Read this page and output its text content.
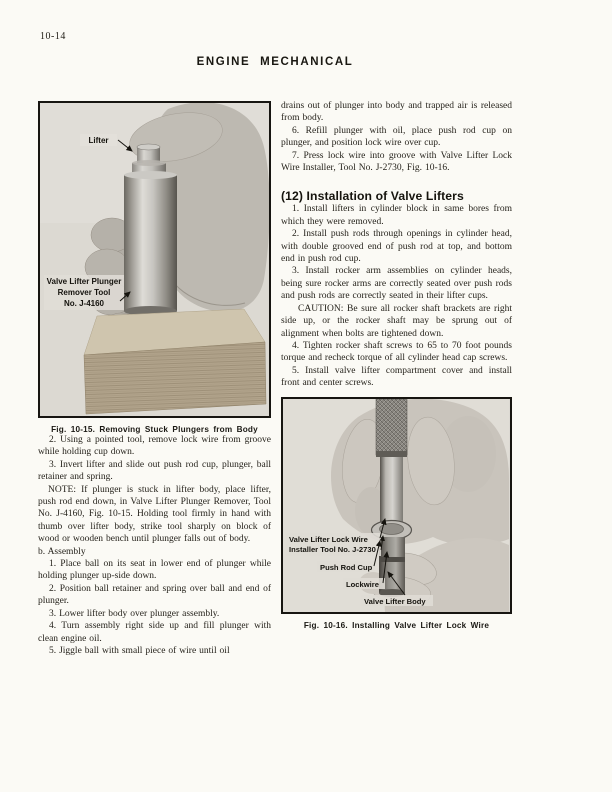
10-14
ENGINE MECHANICAL
Lifter
Valve Lifter Plunger
Remover Tool
No. J-4160
Fig. 10-15. Removing Stuck Plungers from Body

2. Using a pointed tool, remove lock wire from groove while holding cup down.

3. Invert lifter and slide out push rod cup, plunger, ball retainer and spring.

NOTE: If plunger is stuck in lifter body, place lifter, push rod end down, in Valve Lifter Plunger Remover, Tool No. J-4160, Fig. 10-15. Holding tool firmly in hand with thumb over lifter body, strike tool sharply on block of wood or wooden bench until plunger falls out of body.

b. Assembly

1. Place ball on its seat in lower end of plunger while holding plunger up-side down.

2. Position ball retainer and spring over ball and end of plunger.

3. Lower lifter body over plunger assembly.

4. Turn assembly right side up and fill plunger with clean engine oil.

5. Jiggle ball with small piece of wire until oil

drains out of plunger into body and trapped air is released from body.

6. Refill plunger with oil, place push rod cup on plunger, and position lock wire over cup.

7. Press lock wire into groove with Valve Lifter Lock Wire Installer, Tool No. J-2730, Fig. 10-16.

(12) Installation of Valve Lifters

1. Install lifters in cylinder block in same bores from which they were removed.

2. Install push rods through openings in cylinder head, with double grooved end of push rod at top, and bottom end in push rod cup.

3. Install rocker arm assemblies on cylinder heads, being sure rocker arms are correctly seated over push rods and push rods are correctly seated in their lifter cups.

CAUTION: Be sure all rocker shaft brackets are right side up, or the rocker shaft may be sprung out of alignment when bolts are tightened down.

4. Tighten rocker shaft screws to 65 to 70 foot pounds torque and recheck torque of all cylinder head cap screws.

5. Install valve lifter compartment cover and install front and center screws.

Valve Lifter Lock Wire
Installer Tool No. J-2730
Push Rod Cup
Lockwire
Valve Lifter Body
Fig. 10-16. Installing Valve Lifter Lock Wire
